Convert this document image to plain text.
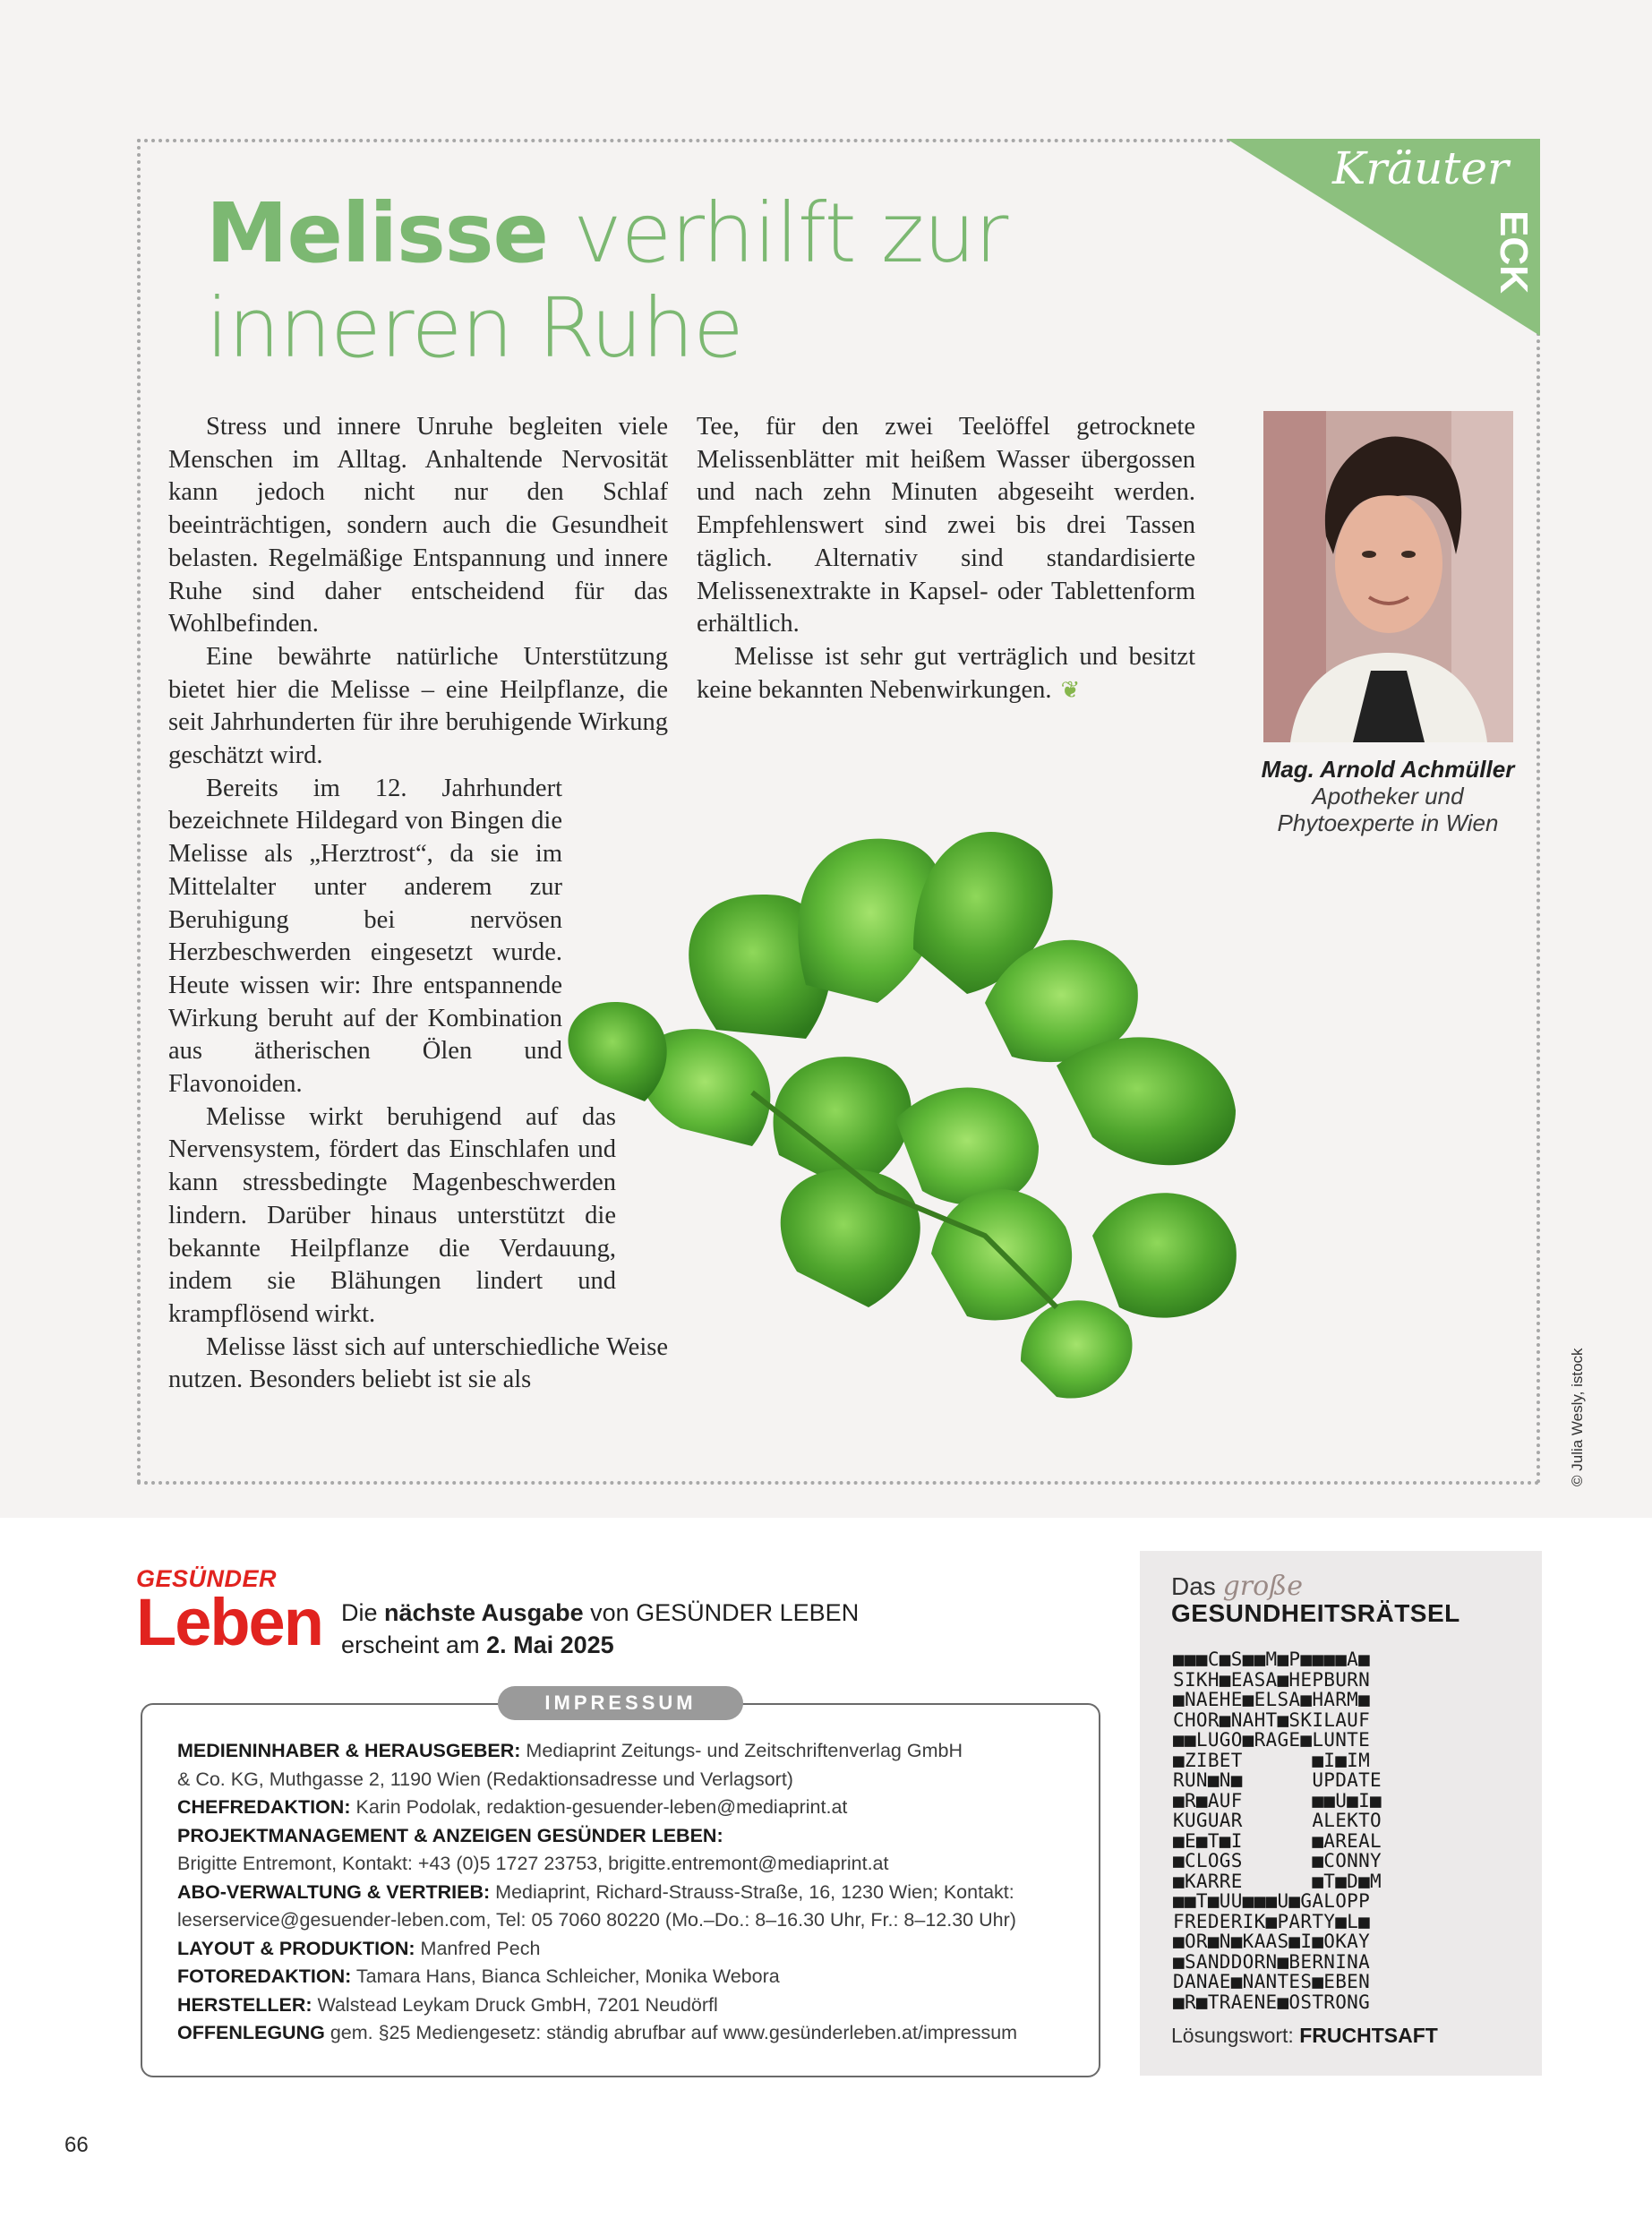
Kräuter
ECK
Melisse verhilft zur
inneren Ruhe

Stress und innere Unruhe begleiten viele Menschen im Alltag. Anhaltende Nervosität kann jedoch nicht nur den Schlaf beeinträchtigen, sondern auch die Gesundheit belasten. Regelmäßige Entspannung und innere Ruhe sind daher entscheidend für das Wohlbefinden.

Eine bewährte natürliche Unterstützung bietet hier die Melisse – eine Heilpflanze, die seit Jahrhunderten für ihre beruhigende Wirkung geschätzt wird.

Bereits im 12. Jahrhundert bezeichnete Hildegard von Bingen die Melisse als „Herztrost“, da sie im Mittelalter unter anderem zur Beruhigung bei nervösen Herzbeschwerden eingesetzt wurde. Heute wissen wir: Ihre entspannende Wirkung beruht auf der Kombination aus ätherischen Ölen und Flavonoiden.

Melisse wirkt beruhigend auf das Nervensystem, fördert das Einschlafen und kann stressbedingte Magenbeschwerden lindern. Darüber hinaus unterstützt die bekannte Heilpflanze die Verdauung, indem sie Blähungen lindert und krampflösend wirkt.

Melisse lässt sich auf unterschiedliche Weise nutzen. Besonders beliebt ist sie als

Tee, für den zwei Teelöffel getrocknete Melissenblätter mit heißem Wasser übergossen und nach zehn Minuten abgeseiht werden. Empfehlenswert sind zwei bis drei Tassen täglich. Alternativ sind standardisierte Melissenextrakte in Kapsel- oder Tablettenform erhältlich.

Melisse ist sehr gut verträglich und besitzt keine bekannten Nebenwirkungen. ❦

Mag. Arnold Achmüller
Apotheker und
Phytoexperte in Wien
© Julia Wesly, istock
GESÜNDER
Leben Die nächste Ausgabe von GESÜNDER LEBEN
erscheint am 2. Mai 2025
IMPRESSUM
MEDIENINHABER & HERAUSGEBER: Mediaprint Zeitungs- und Zeitschriftenverlag GmbH
& Co. KG, Muthgasse 2, 1190 Wien (Redaktionsadresse und Verlagsort)
CHEFREDAKTION: Karin Podolak, redaktion-gesuender-leben@mediaprint.at
PROJEKTMANAGEMENT & ANZEIGEN GESÜNDER LEBEN:
Brigitte Entremont, Kontakt: +43 (0)5 1727 23753, brigitte.entremont@mediaprint.at
ABO-VERWALTUNG & VERTRIEB: Mediaprint, Richard-Strauss-Straße, 16, 1230 Wien; Kontakt:
leserservice@gesuender-leben.com, Tel: 05 7060 80220 (Mo.–Do.: 8–16.30 Uhr, Fr.: 8–12.30 Uhr)
LAYOUT & PRODUKTION: Manfred Pech
FOTOREDAKTION: Tamara Hans, Bianca Schleicher, Monika Webora
HERSTELLER: Walstead Leykam Druck GmbH, 7201 Neudörfl
OFFENLEGUNG gem. §25 Mediengesetz: ständig abrufbar auf www.gesünderleben.at/impressum
Das große
GESUNDHEITSRÄTSEL
■■■C■S■■M■P■■■■A■
SIKH■EASA■HEPBURN
■NAEHE■ELSA■HARM■
CHOR■NAHT■SKILAUF
■■LUGO■RAGE■LUNTE
■ZIBET      ■I■IM
RUN■N■      UPDATE
■R■AUF      ■■U■I■
KUGUAR      ALEKTO
■E■T■I      ■AREAL
■CLOGS      ■CONNY
■KARRE      ■T■D■M
■■T■UU■■■U■GALOPP
FREDERIK■PARTY■L■
■OR■N■KAAS■I■OKAY
■SANDDORN■BERNINA
DANAE■NANTES■EBEN
■R■TRAENE■OSTRONG
Lösungswort: FRUCHTSAFT
66
